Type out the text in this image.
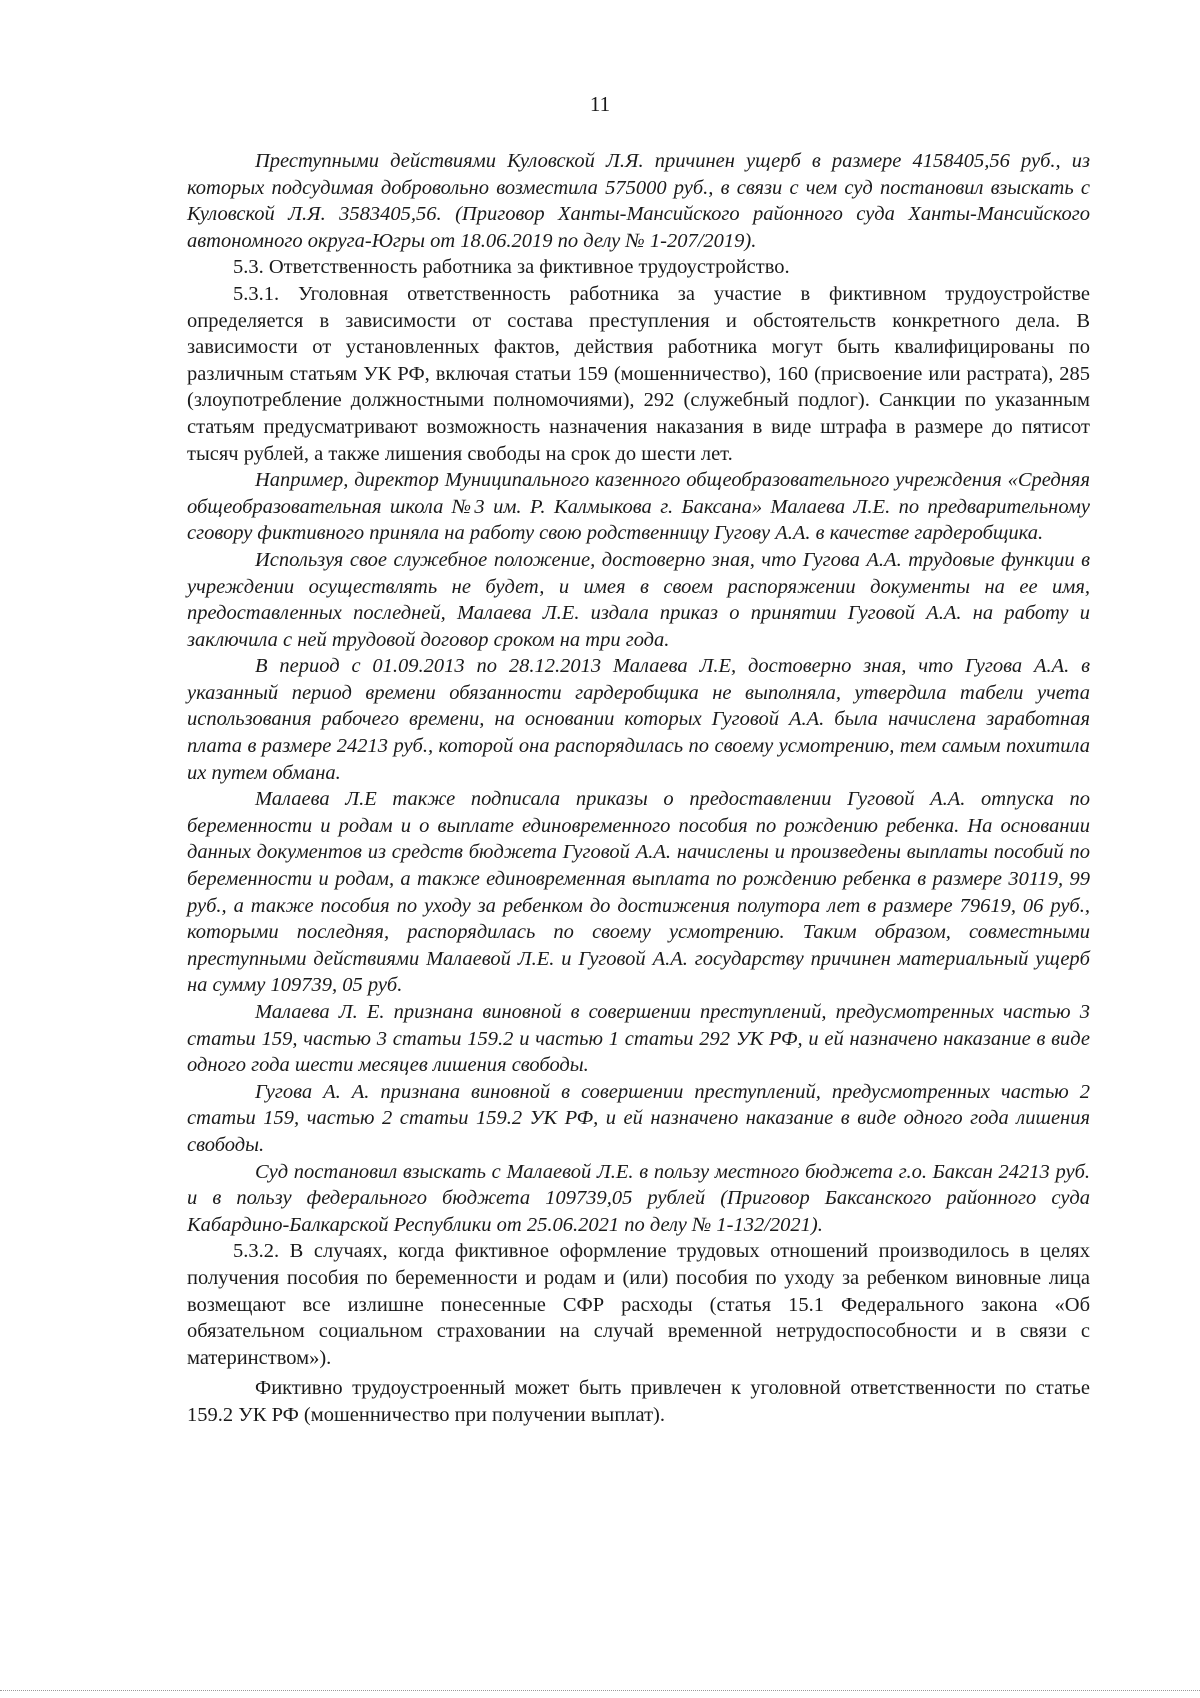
11

Преступными действиями Куловской Л.Я. причинен ущерб в размере 4158405,56 руб., из которых подсудимая добровольно возместила 575000 руб., в связи с чем суд постановил взыскать с Куловской Л.Я. 3583405,56. (Приговор Ханты-Мансийского районного суда Ханты-Мансийского автономного округа-Югры от 18.06.2019 по делу № 1-207/2019).

5.3. Ответственность работника за фиктивное трудоустройство.

5.3.1. Уголовная ответственность работника за участие в фиктивном трудоустройстве определяется в зависимости от состава преступления и обстоятельств конкретного дела. В зависимости от установленных фактов, действия работника могут быть квалифицированы по различным статьям УК РФ, включая статьи 159 (мошенничество), 160 (присвоение или растрата), 285 (злоупотребление должностными полномочиями), 292 (служебный подлог). Санкции по указанным статьям предусматривают возможность назначения наказания в виде штрафа в размере до пятисот тысяч рублей, а также лишения свободы на срок до шести лет.

Например, директор Муниципального казенного общеобразовательного учреждения «Средняя общеобразовательная школа №3 им. Р. Калмыкова г. Баксана» Малаева Л.Е. по предварительному сговору фиктивного приняла на работу свою родственницу Гугову А.А. в качестве гардеробщика.

Используя свое служебное положение, достоверно зная, что Гугова А.А. трудовые функции в учреждении осуществлять не будет, и имея в своем распоряжении документы на ее имя, предоставленных последней, Малаева Л.Е. издала приказ о принятии Гуговой А.А. на работу и заключила с ней трудовой договор сроком на три года.

В период с 01.09.2013 по 28.12.2013 Малаева Л.Е, достоверно зная, что Гугова А.А. в указанный период времени обязанности гардеробщика не выполняла, утвердила табели учета использования рабочего времени, на основании которых Гуговой А.А. была начислена заработная плата в размере 24213 руб., которой она распорядилась по своему усмотрению, тем самым похитила их путем обмана.

Малаева Л.Е также подписала приказы о предоставлении Гуговой А.А. отпуска по беременности и родам и о выплате единовременного пособия по рождению ребенка. На основании данных документов из средств бюджета Гуговой А.А. начислены и произведены выплаты пособий по беременности и родам, а также единовременная выплата по рождению ребенка в размере 30119, 99 руб., а также пособия по уходу за ребенком до достижения полутора лет в размере 79619, 06 руб., которыми последняя, распорядилась по своему усмотрению. Таким образом, совместными преступными действиями Малаевой Л.Е. и Гуговой А.А. государству причинен материальный ущерб на сумму 109739, 05 руб.

Малаева Л. Е. признана виновной в совершении преступлений, предусмотренных частью 3 статьи 159, частью 3 статьи 159.2 и частью 1 статьи 292 УК РФ, и ей назначено наказание в виде одного года шести месяцев лишения свободы.

Гугова А. А. признана виновной в совершении преступлений, предусмотренных частью 2 статьи 159, частью 2 статьи 159.2 УК РФ, и ей назначено наказание в виде одного года лишения свободы.

Суд постановил взыскать с Малаевой Л.Е. в пользу местного бюджета г.о. Баксан 24213 руб. и в пользу федерального бюджета 109739,05 рублей (Приговор Баксанского районного суда Кабардино-Балкарской Республики от 25.06.2021 по делу № 1-132/2021).

5.3.2. В случаях, когда фиктивное оформление трудовых отношений производилось в целях получения пособия по беременности и родам и (или) пособия по уходу за ребенком виновные лица возмещают все излишне понесенные СФР расходы (статья 15.1 Федерального закона «Об обязательном социальном страховании на случай временной нетрудоспособности и в связи с материнством»).

Фиктивно трудоустроенный может быть привлечен к уголовной ответственности по статье 159.2 УК РФ (мошенничество при получении выплат).
